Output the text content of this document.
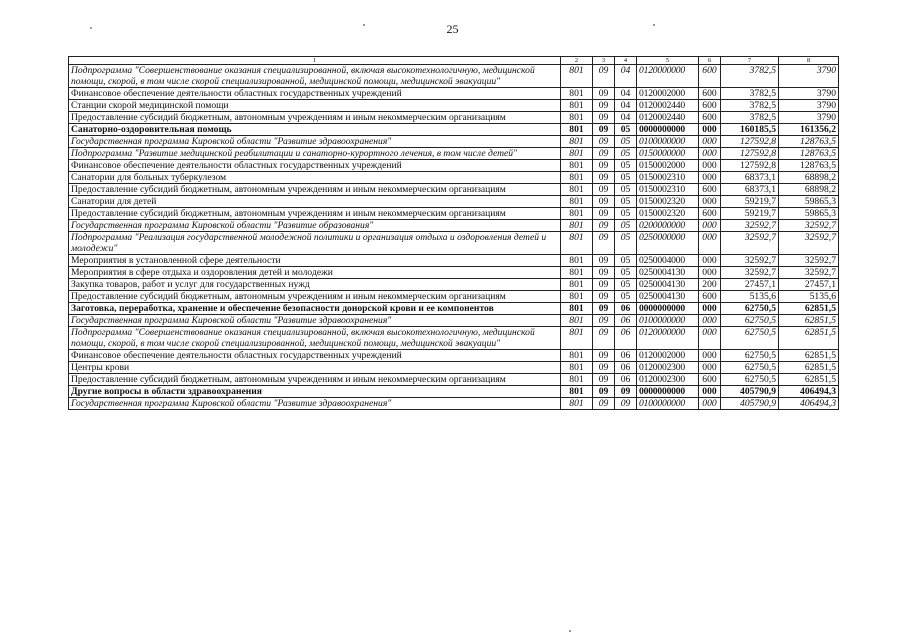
25
1	2	3	4	5	6	7	8
Подпрограмма "Совершенствование оказания специализированной, включая высокотехнологичную, медицинской помощи, скорой, в том числе скорой специализированной, медицинской помощи, медицинской эвакуации"	801	09	04	0120000000	600	3782,5	3790
Финансовое обеспечение деятельности областных государственных учреждений	801	09	04	0120002000	600	3782,5	3790
Станции скорой медицинской помощи	801	09	04	0120002440	600	3782,5	3790
Предоставление субсидий бюджетным, автономным учреждениям и иным некоммерческим организациям	801	09	04	0120002440	600	3782,5	3790
Санаторно-оздоровительная помощь	801	09	05	0000000000	000	160185,5	161356,2
Государственная программа Кировской области "Развитие здравоохранения"	801	09	05	0100000000	000	127592,8	128763,5
Подпрограмма "Развитие медицинской реабилитации и санаторно-курортного лечения, в том числе детей"	801	09	05	0150000000	000	127592,8	128763,5
Финансовое обеспечение деятельности областных государственных учреждений	801	09	05	0150002000	000	127592,8	128763,5
Санатории для больных туберкулезом	801	09	05	0150002310	000	68373,1	68898,2
Предоставление субсидий бюджетным, автономным учреждениям и иным некоммерческим организациям	801	09	05	0150002310	600	68373,1	68898,2
Санатории для детей	801	09	05	0150002320	000	59219,7	59865,3
Предоставление субсидий бюджетным, автономным учреждениям и иным некоммерческим организациям	801	09	05	0150002320	600	59219,7	59865,3
Государственная программа Кировской области "Развитие образования"	801	09	05	0200000000	000	32592,7	32592,7
Подпрограмма "Реализация государственной молодежной политики и организация отдыха и оздоровления детей и молодежи"	801	09	05	0250000000	000	32592,7	32592,7
Мероприятия в установленной сфере деятельности	801	09	05	0250004000	000	32592,7	32592,7
Мероприятия в сфере отдыха и оздоровления детей и молодежи	801	09	05	0250004130	000	32592,7	32592,7
Закупка товаров, работ и услуг для государственных нужд	801	09	05	0250004130	200	27457,1	27457,1
Предоставление субсидий бюджетным, автономным учреждениям и иным некоммерческим организациям	801	09	05	0250004130	600	5135,6	5135,6
Заготовка, переработка, хранение и обеспечение безопасности донорской крови и ее компонентов	801	09	06	0000000000	000	62750,5	62851,5
Государственная программа Кировской области "Развитие здравоохранения"	801	09	06	0100000000	000	62750,5	62851,5
Подпрограмма "Совершенствование оказания специализированной, включая высокотехнологичную, медицинской помощи, скорой, в том числе скорой специализированной, медицинской помощи, медицинской эвакуации"	801	09	06	0120000000	000	62750,5	62851,5
Финансовое обеспечение деятельности областных государственных учреждений	801	09	06	0120002000	000	62750,5	62851,5
Центры крови	801	09	06	0120002300	000	62750,5	62851,5
Предоставление субсидий бюджетным, автономным учреждениям и иным некоммерческим организациям	801	09	06	0120002300	600	62750,5	62851,5
Другие вопросы в области здравоохранения	801	09	09	0000000000	000	405790,9	406494,3
Государственная программа Кировской области "Развитие здравоохранения"	801	09	09	0100000000	000	405790,9	406494,3
